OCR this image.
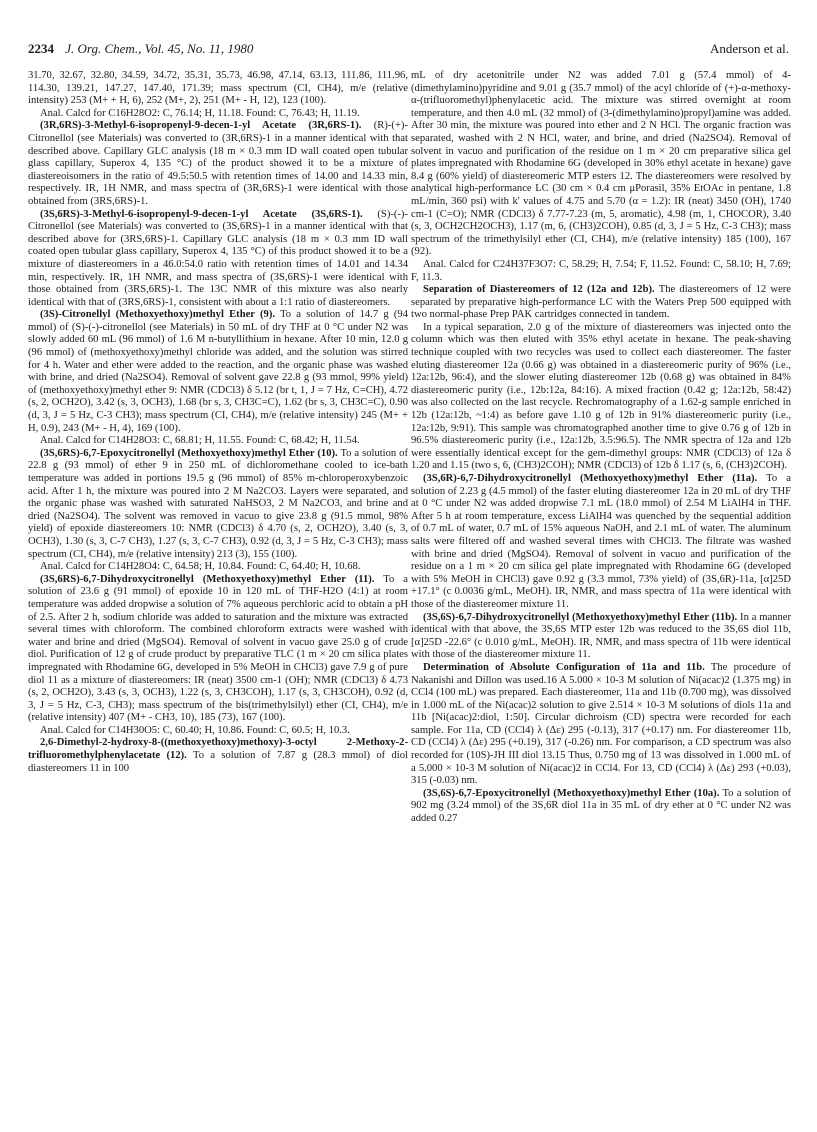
2234 J. Org. Chem., Vol. 45, No. 11, 1980	Anderson et al.

31.70, 32.67, 32.80, 34.59, 34.72, 35.31, 35.73, 46.98, 47.14, 63.13, 111.86, 111.96, 114.30, 139.21, 147.27, 147.40, 171.39; mass spectrum (CI, CH4), m/e (relative intensity) 253 (M+ + H, 6), 252 (M+, 2), 251 (M+ - H, 12), 123 (100).

Anal. Calcd for C16H28O2: C, 76.14; H, 11.18. Found: C, 76.43; H, 11.19.

(3R,6RS)-3-Methyl-6-isopropenyl-9-decen-1-yl Acetate (3R,6RS-1). (R)-(+)-Citronellol (see Materials) was converted to (3R,6RS)-1 in a manner identical with that described above. Capillary GLC analysis (18 m × 0.3 mm ID wall coated open tubular glass capillary, Superox 4, 135 °C) of the product showed it to be a mixture of diastereoisomers in the ratio of 49.5:50.5 with retention times of 14.00 and 14.33 min, respectively. IR, 1H NMR, and mass spectra of (3R,6RS)-1 were identical with those obtained from (3RS,6RS)-1.

(3S,6RS)-3-Methyl-6-isopropenyl-9-decen-1-yl Acetate (3S,6RS-1). (S)-(-)-Citronellol (see Materials) was converted to (3S,6RS)-1 in a manner identical with that described above for (3RS,6RS)-1. Capillary GLC analysis (18 m × 0.3 mm ID wall coated open tubular glass capillary, Superox 4, 135 °C) of this product showed it to be a mixture of diastereomers in a 46.0:54.0 ratio with retention times of 14.01 and 14.34 min, respectively. IR, 1H NMR, and mass spectra of (3S,6RS)-1 were identical with those obtained from (3RS,6RS)-1. The 13C NMR of this mixture was also nearly identical with that of (3RS,6RS)-1, consistent with about a 1:1 ratio of diastereomers.

(3S)-Citronellyl (Methoxyethoxy)methyl Ether (9). To a solution of 14.7 g (94 mmol) of (S)-(-)-citronellol (see Materials) in 50 mL of dry THF at 0 °C under N2 was slowly added 60 mL (96 mmol) of 1.6 M n-butyllithium in hexane. After 10 min, 12.0 g (96 mmol) of (methoxyethoxy)methyl chloride was added, and the solution was stirred for 4 h. Water and ether were added to the reaction, and the organic phase was washed with brine, and dried (Na2SO4). Removal of solvent gave 22.8 g (93 mmol, 99% yield) of (methoxyethoxy)methyl ether 9: NMR (CDCl3) δ 5.12 (br t, 1, J = 7 Hz, C=CH), 4.72 (s, 2, OCH2O), 3.42 (s, 3, OCH3), 1.68 (br s, 3, CH3C=C), 1.62 (br s, 3, CH3C=C), 0.90 (d, 3, J = 5 Hz, C-3 CH3); mass spectrum (CI, CH4), m/e (relative intensity) 245 (M+ + H, 0.9), 243 (M+ - H, 4), 169 (100).

Anal. Calcd for C14H28O3: C, 68.81; H, 11.55. Found: C, 68.42; H, 11.54.

(3S,6RS)-6,7-Epoxycitronellyl (Methoxyethoxy)methyl Ether (10). To a solution of 22.8 g (93 mmol) of ether 9 in 250 mL of dichloromethane cooled to ice-bath temperature was added in portions 19.5 g (96 mmol) of 85% m-chloroperoxybenzoic acid. After 1 h, the mixture was poured into 2 M Na2CO3. Layers were separated, and the organic phase was washed with saturated NaHSO3, 2 M Na2CO3, and brine and dried (Na2SO4). The solvent was removed in vacuo to give 23.8 g (91.5 mmol, 98% yield) of epoxide diastereomers 10: NMR (CDCl3) δ 4.70 (s, 2, OCH2O), 3.40 (s, 3, OCH3), 1.30 (s, 3, C-7 CH3), 1.27 (s, 3, C-7 CH3), 0.92 (d, 3, J = 5 Hz, C-3 CH3); mass spectrum (CI, CH4), m/e (relative intensity) 213 (3), 155 (100).

Anal. Calcd for C14H28O4: C, 64.58; H, 10.84. Found: C, 64.40; H, 10.68.

(3S,6RS)-6,7-Dihydroxycitronellyl (Methoxyethoxy)methyl Ether (11). To a solution of 23.6 g (91 mmol) of epoxide 10 in 120 mL of THF-H2O (4:1) at room temperature was added dropwise a solution of 7% aqueous perchloric acid to obtain a pH of 2.5. After 2 h, sodium chloride was added to saturation and the mixture was extracted several times with chloroform. The combined chloroform extracts were washed with water and brine and dried (MgSO4). Removal of solvent in vacuo gave 25.0 g of crude diol. Purification of 12 g of crude product by preparative TLC (1 m × 20 cm silica plates impregnated with Rhodamine 6G, developed in 5% MeOH in CHCl3) gave 7.9 g of pure diol 11 as a mixture of diastereomers: IR (neat) 3500 cm-1 (OH); NMR (CDCl3) δ 4.73 (s, 2, OCH2O), 3.43 (s, 3, OCH3), 1.22 (s, 3, CH3COH), 1.17 (s, 3, CH3COH), 0.92 (d, 3, J = 5 Hz, C-3, CH3); mass spectrum of the bis(trimethylsilyl) ether (CI, CH4), m/e (relative intensity) 407 (M+ - CH3, 10), 185 (73), 167 (100).

Anal. Calcd for C14H30O5: C, 60.40; H, 10.86. Found: C, 60.5; H, 10.3.

2,6-Dimethyl-2-hydroxy-8-((methoxyethoxy)methoxy)-3-octyl 2-Methoxy-2-trifluoromethylphenylacetate (12). To a solution of 7.87 g (28.3 mmol) of diol diastereomers 11 in 100

mL of dry acetonitrile under N2 was added 7.01 g (57.4 mmol) of 4-(dimethylamino)pyridine and 9.01 g (35.7 mmol) of the acyl chloride of (+)-α-methoxy-α-(trifluoromethyl)phenylacetic acid. The mixture was stirred overnight at room temperature, and then 4.0 mL (32 mmol) of (3-(dimethylamino)propyl)amine was added. After 30 min, the mixture was poured into ether and 2 N HCl. The organic fraction was separated, washed with 2 N HCl, water, and brine, and dried (Na2SO4). Removal of solvent in vacuo and purification of the residue on 1 m × 20 cm preparative silica gel plates impregnated with Rhodamine 6G (developed in 30% ethyl acetate in hexane) gave 8.4 g (60% yield) of diastereomeric MTP esters 12. The diastereomers were resolved by analytical high-performance LC (30 cm × 0.4 cm μPorasil, 35% EtOAc in pentane, 1.8 mL/min, 360 psi) with k' values of 4.75 and 5.70 (α = 1.2): IR (neat) 3450 (OH), 1740 cm-1 (C=O); NMR (CDCl3) δ 7.77-7.23 (m, 5, aromatic), 4.98 (m, 1, CHOCOR), 3.40 (s, 3, OCH2CH2OCH3), 1.17 (m, 6, (CH3)2COH), 0.85 (d, 3, J = 5 Hz, C-3 CH3); mass spectrum of the trimethylsilyl ether (CI, CH4), m/e (relative intensity) 185 (100), 167 (92).

Anal. Calcd for C24H37F3O7: C, 58.29; H, 7.54; F, 11.52. Found: C, 58.10; H, 7.69; F, 11.3.

Separation of Diastereomers of 12 (12a and 12b). The diastereomers of 12 were separated by preparative high-performance LC with the Waters Prep 500 equipped with two normal-phase Prep PAK cartridges connected in tandem.

In a typical separation, 2.0 g of the mixture of diastereomers was injected onto the column which was then eluted with 35% ethyl acetate in hexane. The peak-shaving technique coupled with two recycles was used to collect each diastereomer. The faster eluting diastereomer 12a (0.66 g) was obtained in a diastereomeric purity of 96% (i.e., 12a:12b, 96:4), and the slower eluting diastereomer 12b (0.68 g) was obtained in 84% diastereomeric purity (i.e., 12b:12a, 84:16). A mixed fraction (0.42 g; 12a:12b, 58:42) was also collected on the last recycle. Rechromatography of a 1.62-g sample enriched in 12b (12a:12b, ~1:4) as before gave 1.10 g of 12b in 91% diastereomeric purity (i.e., 12a:12b, 9:91). This sample was chromatographed another time to give 0.76 g of 12b in 96.5% diastereomeric purity (i.e., 12a:12b, 3.5:96.5). The NMR spectra of 12a and 12b were essentially identical except for the gem-dimethyl groups: NMR (CDCl3) of 12a δ 1.20 and 1.15 (two s, 6, (CH3)2COH); NMR (CDCl3) of 12b δ 1.17 (s, 6, (CH3)2COH).

(3S,6R)-6,7-Dihydroxycitronellyl (Methoxyethoxy)methyl Ether (11a). To a solution of 2.23 g (4.5 mmol) of the faster eluting diastereomer 12a in 20 mL of dry THF at 0 °C under N2 was added dropwise 7.1 mL (18.0 mmol) of 2.54 M LiAlH4 in THF. After 5 h at room temperature, excess LiAlH4 was quenched by the sequential addition of 0.7 mL of water, 0.7 mL of 15% aqueous NaOH, and 2.1 mL of water. The aluminum salts were filtered off and washed several times with CHCl3. The filtrate was washed with brine and dried (MgSO4). Removal of solvent in vacuo and purification of the residue on a 1 m × 20 cm silica gel plate impregnated with Rhodamine 6G (developed with 5% MeOH in CHCl3) gave 0.92 g (3.3 mmol, 73% yield) of (3S,6R)-11a, [α]25D +17.1° (c 0.0036 g/mL, MeOH). IR, NMR, and mass spectra of 11a were identical with those of the diastereomer mixture 11.

(3S,6S)-6,7-Dihydroxycitronellyl (Methoxyethoxy)methyl Ether (11b). In a manner identical with that above, the 3S,6S MTP ester 12b was reduced to the 3S,6S diol 11b, [α]25D -22.6° (c 0.010 g/mL, MeOH). IR, NMR, and mass spectra of 11b were identical with those of the diastereomer mixture 11.

Determination of Absolute Configuration of 11a and 11b. The procedure of Nakanishi and Dillon was used.16 A 5.000 × 10-3 M solution of Ni(acac)2 (1.375 mg) in CCl4 (100 mL) was prepared. Each diastereomer, 11a and 11b (0.700 mg), was dissolved in 1.000 mL of the Ni(acac)2 solution to give 2.514 × 10-3 M solutions of diols 11a and 11b [Ni(acac)2:diol, 1:50]. Circular dichroism (CD) spectra were recorded for each sample. For 11a, CD (CCl4) λ (Δε) 295 (-0.13), 317 (+0.17) nm. For diastereomer 11b, CD (CCl4) λ (Δε) 295 (+0.19), 317 (-0.26) nm. For comparison, a CD spectrum was also recorded for (10S)-JH III diol 13.15 Thus, 0.750 mg of 13 was dissolved in 1.000 mL of a 5.000 × 10-3 M solution of Ni(acac)2 in CCl4. For 13, CD (CCl4) λ (Δε) 293 (+0.03), 315 (-0.03) nm.

(3S,6S)-6,7-Epoxycitronellyl (Methoxyethoxy)methyl Ether (10a). To a solution of 902 mg (3.24 mmol) of the 3S,6R diol 11a in 35 mL of dry ether at 0 °C under N2 was added 0.27
